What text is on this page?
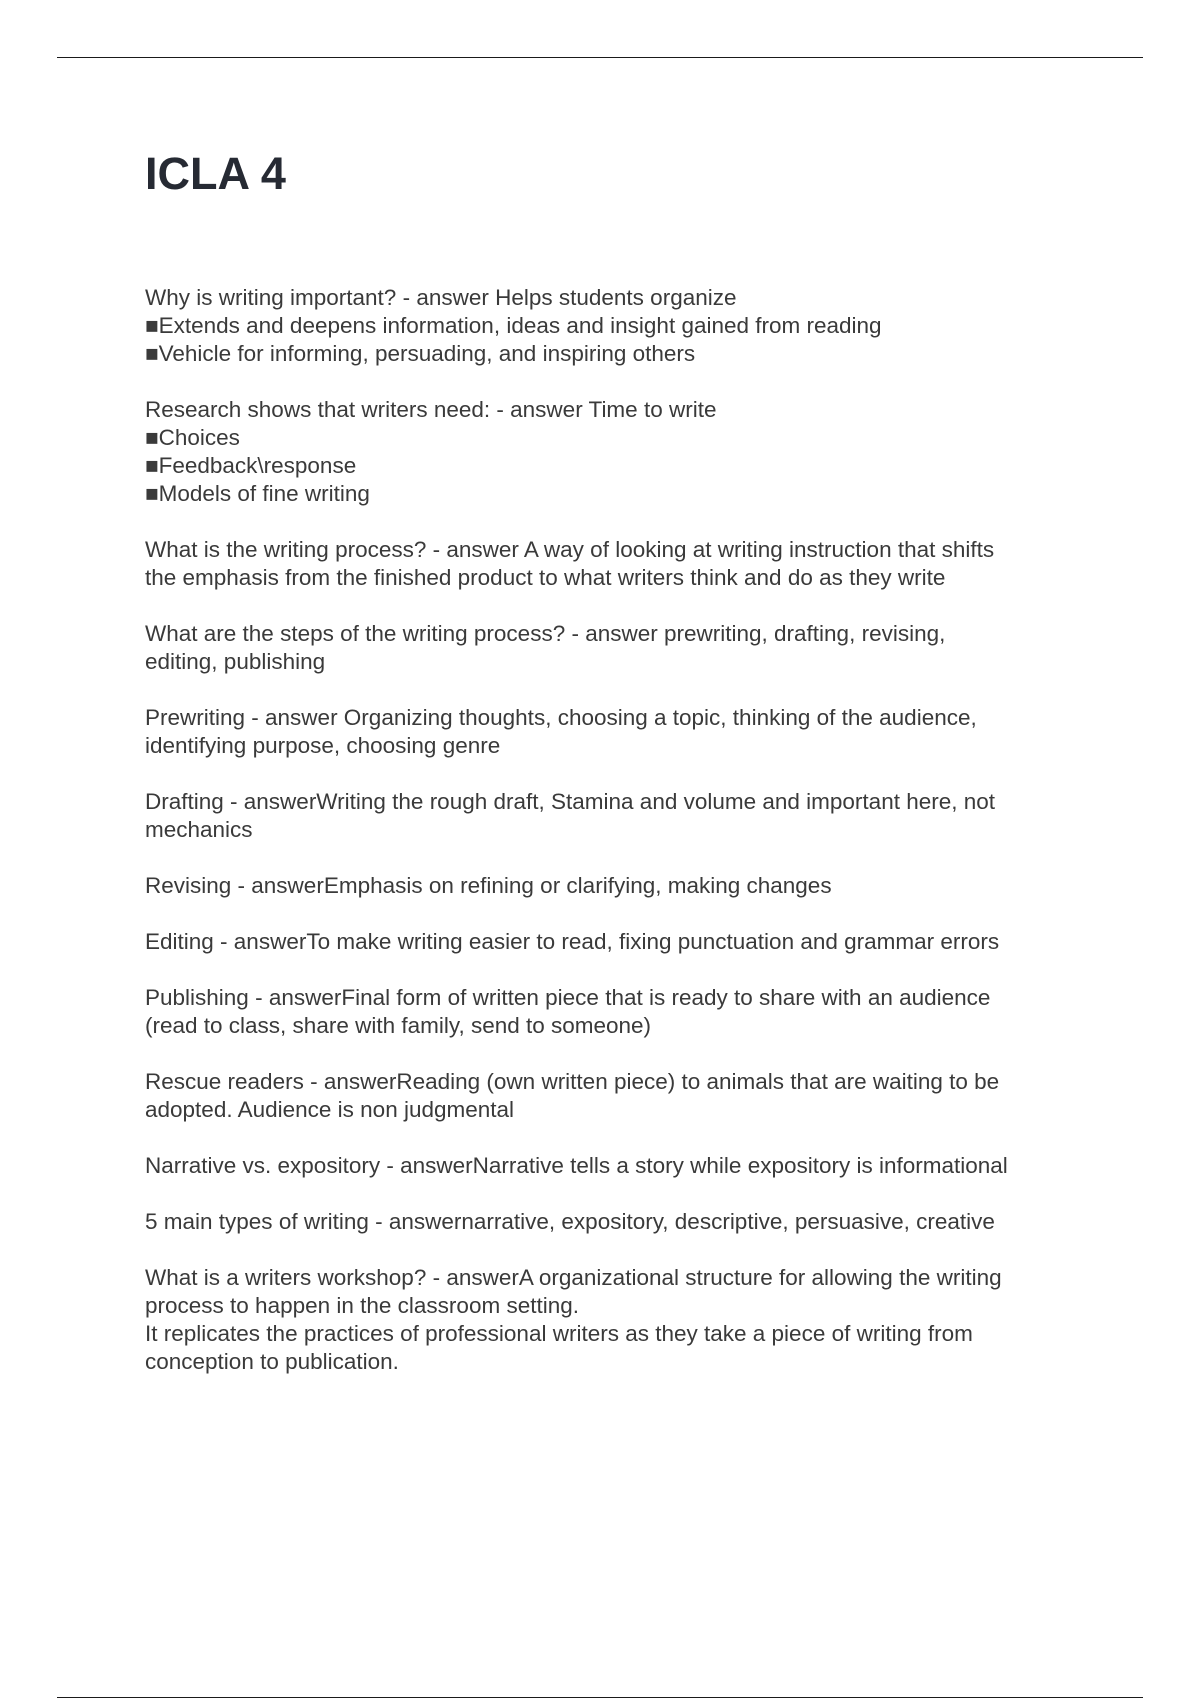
ICLA 4

Why is writing important? - answer Helps students organize
■Extends and deepens information, ideas and insight gained from reading
■Vehicle for informing, persuading, and inspiring others

Research shows that writers need: - answer Time to write
■Choices
■Feedback\response
■Models of fine writing

What is the writing process? - answer A way of looking at writing instruction that shifts
the emphasis from the finished product to what writers think and do as they write

What are the steps of the writing process? - answer prewriting, drafting, revising,
editing, publishing

Prewriting - answer Organizing thoughts, choosing a topic, thinking of the audience,
identifying purpose, choosing genre

Drafting - answerWriting the rough draft, Stamina and volume and important here, not
mechanics

Revising - answerEmphasis on refining or clarifying, making changes

Editing - answerTo make writing easier to read, fixing punctuation and grammar errors

Publishing - answerFinal form of written piece that is ready to share with an audience
(read to class, share with family, send to someone)

Rescue readers - answerReading (own written piece) to animals that are waiting to be
adopted. Audience is non judgmental

Narrative vs. expository - answerNarrative tells a story while expository is informational

5 main types of writing - answernarrative, expository, descriptive, persuasive, creative

What is a writers workshop? - answerA organizational structure for allowing the writing
process to happen in the classroom setting.
It replicates the practices of professional writers as they take a piece of writing from
conception to publication.
